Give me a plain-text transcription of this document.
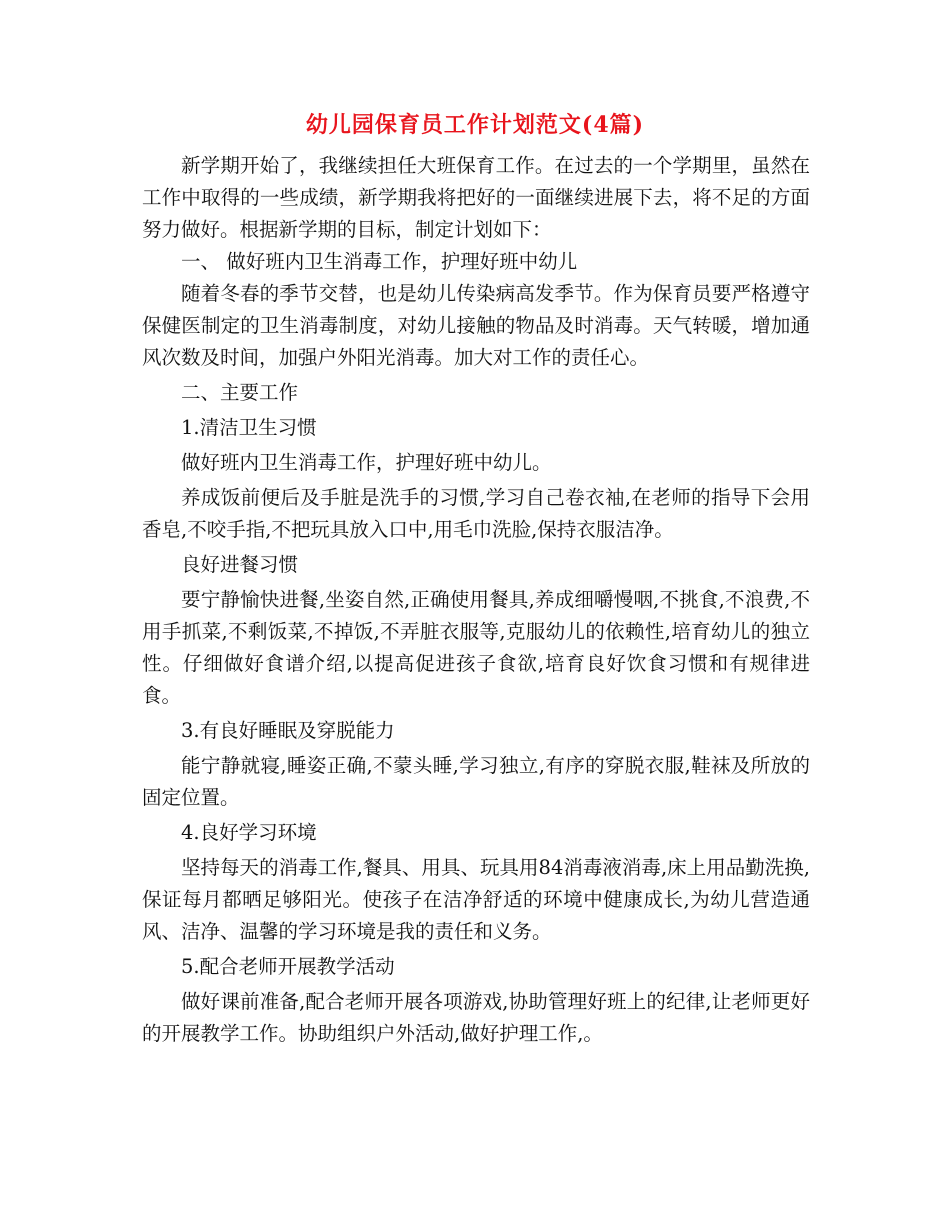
幼儿园保育员工作计划范文(4篇)

新学期开始了，我继续担任大班保育工作。在过去的一个学期里，虽然在工作中取得的一些成绩，新学期我将把好的一面继续进展下去，将不足的方面努力做好。根据新学期的目标，制定计划如下：

一、 做好班内卫生消毒工作，护理好班中幼儿

随着冬春的季节交替，也是幼儿传染病高发季节。作为保育员要严格遵守保健医制定的卫生消毒制度，对幼儿接触的物品及时消毒。天气转暖，增加通风次数及时间，加强户外阳光消毒。加大对工作的责任心。

二、主要工作

1.清洁卫生习惯

做好班内卫生消毒工作，护理好班中幼儿。

养成饭前便后及手脏是洗手的习惯,学习自己卷衣袖,在老师的指导下会用香皂,不咬手指,不把玩具放入口中,用毛巾洗脸,保持衣服洁净。

良好进餐习惯

要宁静愉快进餐,坐姿自然,正确使用餐具,养成细嚼慢咽,不挑食,不浪费,不用手抓菜,不剩饭菜,不掉饭,不弄脏衣服等,克服幼儿的依赖性,培育幼儿的独立性。仔细做好食谱介绍,以提高促进孩子食欲,培育良好饮食习惯和有规律进食。

3.有良好睡眠及穿脱能力

能宁静就寝,睡姿正确,不蒙头睡,学习独立,有序的穿脱衣服,鞋袜及所放的固定位置。

4.良好学习环境

坚持每天的消毒工作,餐具、用具、玩具用84消毒液消毒,床上用品勤洗换,保证每月都晒足够阳光。使孩子在洁净舒适的环境中健康成长,为幼儿营造通风、洁净、温馨的学习环境是我的责任和义务。

5.配合老师开展教学活动

做好课前准备,配合老师开展各项游戏,协助管理好班上的纪律,让老师更好的开展教学工作。协助组织户外活动,做好护理工作,。
